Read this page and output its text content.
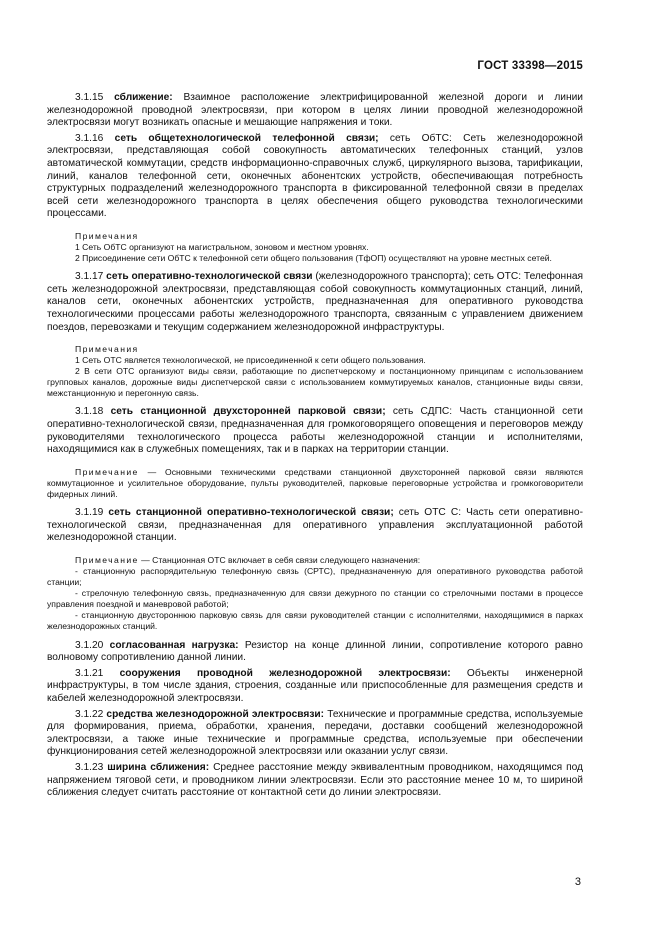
ГОСТ 33398—2015

3.1.15 сближение: Взаимное расположение электрифицированной железной дороги и линии железнодорожной проводной электросвязи, при котором в целях линии проводной железнодорожной электросвязи могут возникать опасные и мешающие напряжения и токи.

3.1.16 сеть общетехнологической телефонной связи; сеть ОбТС: Сеть железнодорожной электросвязи, представляющая собой совокупность автоматических телефонных станций, узлов автоматической коммутации, средств информационно-справочных служб, циркулярного вызова, тарификации, линий, каналов телефонной сети, оконечных абонентских устройств, обеспечивающая потребность структурных подразделений железнодорожного транспорта в фиксированной телефонной связи в пределах всей сети железнодорожного транспорта в целях обеспечения общего руководства технологическими процессами.

Примечания

1 Сеть ОбТС организуют на магистральном, зоновом и местном уровнях.

2 Присоединение сети ОбТС к телефонной сети общего пользования (ТфОП) осуществляют на уровне местных сетей.

3.1.17 сеть оперативно-технологической связи (железнодорожного транспорта); сеть ОТС: Телефонная сеть железнодорожной электросвязи, представляющая собой совокупность коммутационных станций, линий, каналов сети, оконечных абонентских устройств, предназначенная для оперативного руководства технологическими процессами работы железнодорожного транспорта, связанным с управлением движением поездов, перевозками и текущим содержанием железнодорожной инфраструктуры.

Примечания

1 Сеть ОТС является технологической, не присоединенной к сети общего пользования.

2 В сети ОТС организуют виды связи, работающие по диспетчерскому и постанционному принципам с использованием групповых каналов, дорожные виды диспетчерской связи с использованием коммутируемых каналов, станционные виды связи, межстанционную и перегонную связь.

3.1.18 сеть станционной двухсторонней парковой связи; сеть СДПС: Часть станционной сети оперативно-технологической связи, предназначенная для громкоговорящего оповещения и переговоров между руководителями технологического процесса работы железнодорожной станции и исполнителями, находящимися как в служебных помещениях, так и в парках на территории станции.

Примечание — Основными техническими средствами станционной двухсторонней парковой связи являются коммутационное и усилительное оборудование, пульты руководителей, парковые переговорные устройства и громкоговорители фидерных линий.

3.1.19 сеть станционной оперативно-технологической связи; сеть ОТС С: Часть сети оперативно-технологической связи, предназначенная для оперативного управления эксплуатационной работой железнодорожной станции.

Примечание — Станционная ОТС включает в себя связи следующего назначения:

- станционную распорядительную телефонную связь (СРТС), предназначенную для оперативного руководства работой станции;

- стрелочную телефонную связь, предназначенную для связи дежурного по станции со стрелочными постами в процессе управления поездной и маневровой работой;

- станционную двустороннюю парковую связь для связи руководителей станции с исполнителями, находящимися в парках железнодорожных станций.

3.1.20 согласованная нагрузка: Резистор на конце длинной линии, сопротивление которого равно волновому сопротивлению данной линии.

3.1.21 сооружения проводной железнодорожной электросвязи: Объекты инженерной инфраструктуры, в том числе здания, строения, созданные или приспособленные для размещения средств и кабелей железнодорожной электросвязи.

3.1.22 средства железнодорожной электросвязи: Технические и программные средства, используемые для формирования, приема, обработки, хранения, передачи, доставки сообщений железнодорожной электросвязи, а также иные технические и программные средства, используемые при обеспечении функционирования сетей железнодорожной электросвязи или оказании услуг связи.

3.1.23 ширина сближения: Среднее расстояние между эквивалентным проводником, находящимся под напряжением тяговой сети, и проводником линии электросвязи. Если это расстояние менее 10 м, то шириной сближения следует считать расстояние от контактной сети до линии электросвязи.

3
